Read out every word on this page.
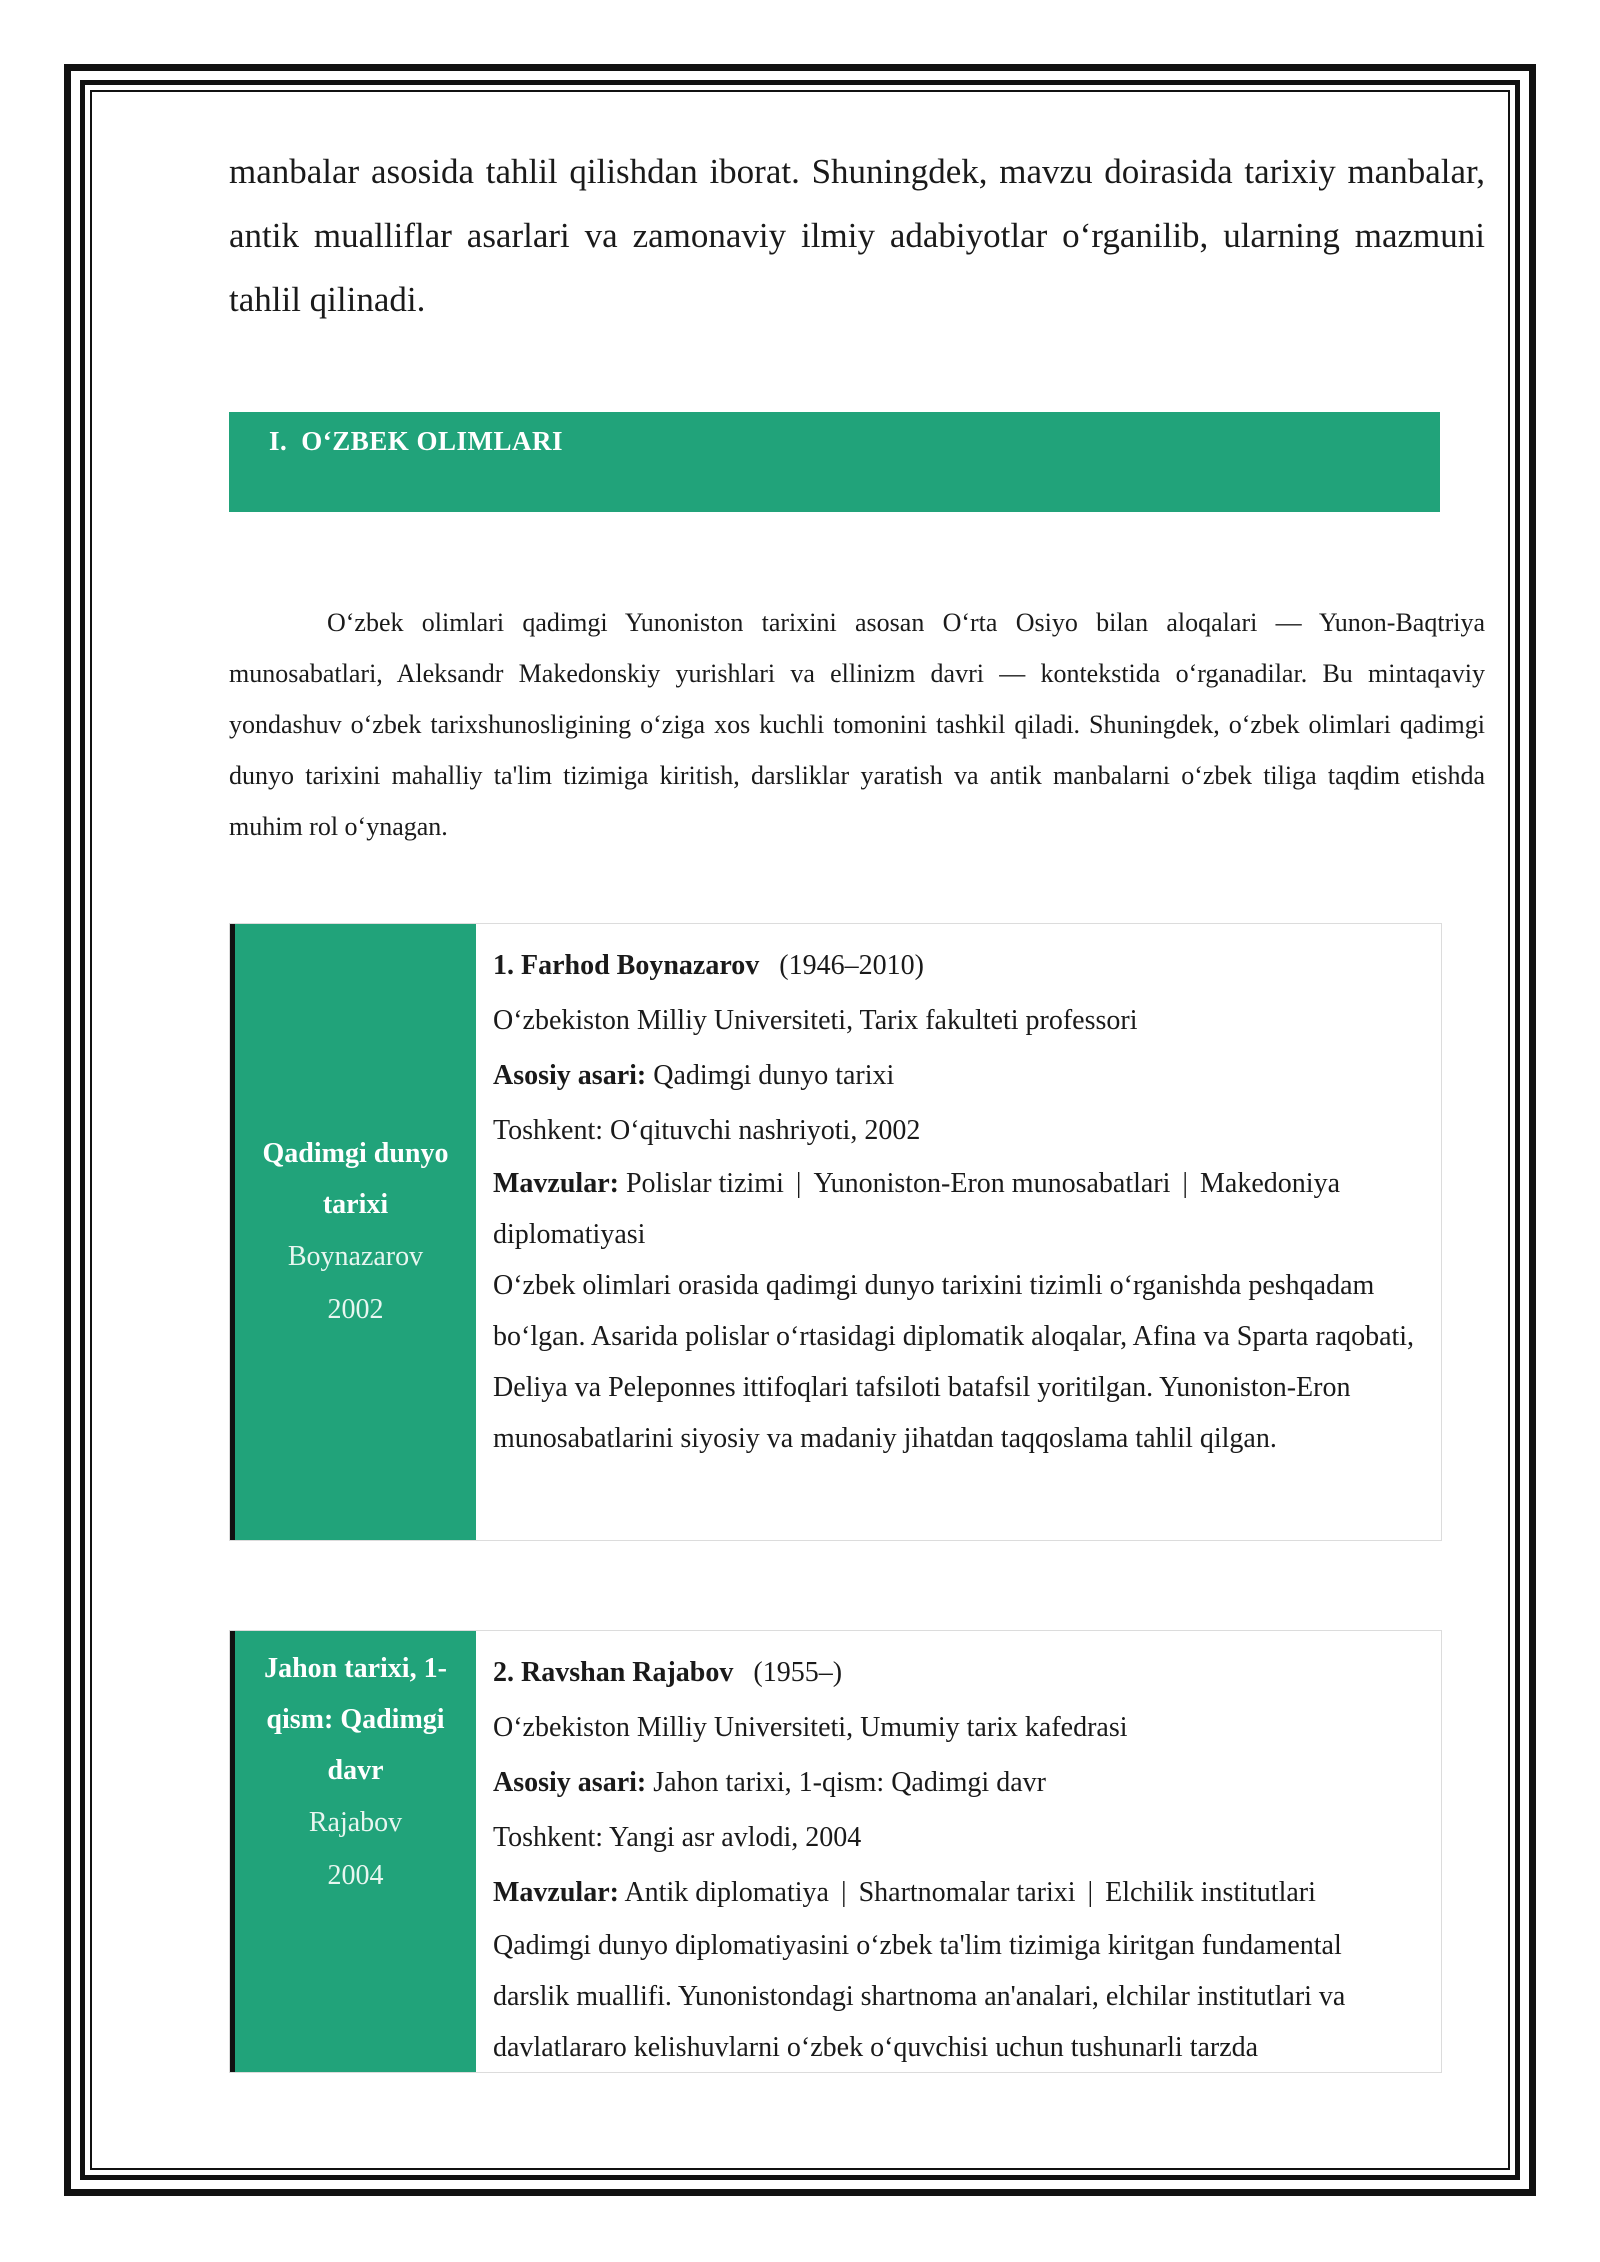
manbalar asosida tahlil qilishdan iborat. Shuningdek, mavzu doirasida tarixiy manbalar, antik mualliflar asarlari va zamonaviy ilmiy adabiyotlar oʻrganilib, ularning mazmuni tahlil qilinadi.

I. OʻZBEK OLIMLARI

Oʻzbek olimlari qadimgi Yunoniston tarixini asosan Oʻrta Osiyo bilan aloqalari — Yunon-Baqtriya munosabatlari, Aleksandr Makedonskiy yurishlari va ellinizm davri — kontekstida oʻrganadilar. Bu mintaqaviy yondashuv oʻzbek tarixshunosligining oʻziga xos kuchli tomonini tashkil qiladi. Shuningdek, oʻzbek olimlari qadimgi dunyo tarixini mahalliy ta'lim tizimiga kiritish, darsliklar yaratish va antik manbalarni oʻzbek tiliga taqdim etishda muhim rol oʻynagan.

Qadimgi dunyo tarixi
Boynazarov
2002

1. Farhod Boynazarov (1946–2010)

Oʻzbekiston Milliy Universiteti, Tarix fakulteti professori

Asosiy asari: Qadimgi dunyo tarixi

Toshkent: Oʻqituvchi nashriyoti, 2002

Mavzular: Polislar tizimi | Yunoniston-Eron munosabatlari | Makedoniya diplomatiyasi

Oʻzbek olimlari orasida qadimgi dunyo tarixini tizimli oʻrganishda peshqadam boʻlgan. Asarida polislar oʻrtasidagi diplomatik aloqalar, Afina va Sparta raqobati, Deliya va Peleponnes ittifoqlari tafsiloti batafsil yoritilgan. Yunoniston-Eron munosabatlarini siyosiy va madaniy jihatdan taqqoslama tahlil qilgan.

Jahon tarixi, 1-qism: Qadimgi davr
Rajabov
2004

2. Ravshan Rajabov (1955–)

Oʻzbekiston Milliy Universiteti, Umumiy tarix kafedrasi

Asosiy asari: Jahon tarixi, 1-qism: Qadimgi davr

Toshkent: Yangi asr avlodi, 2004

Mavzular: Antik diplomatiya | Shartnomalar tarixi | Elchilik institutlari

Qadimgi dunyo diplomatiyasini oʻzbek ta'lim tizimiga kiritgan fundamental darslik muallifi. Yunonistondagi shartnoma an'analari, elchilar institutlari va davlatlararo kelishuvlarni oʻzbek oʻquvchisi uchun tushunarli tarzda
